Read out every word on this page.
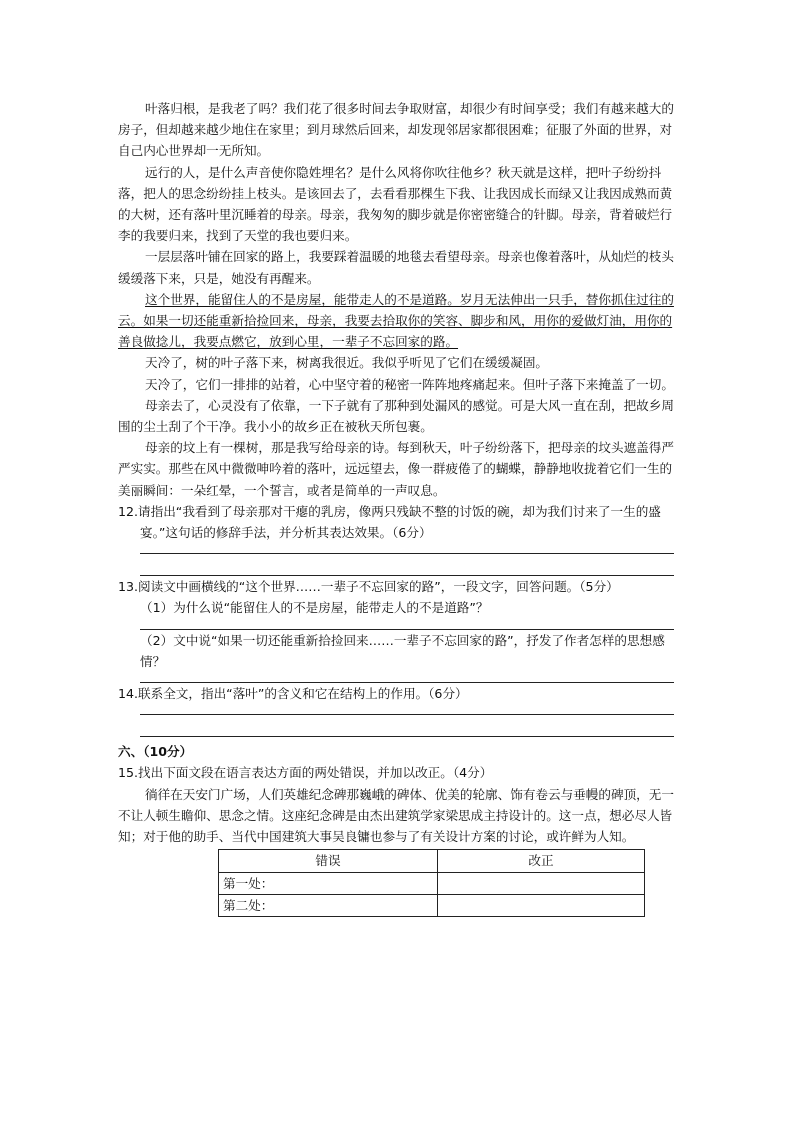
叶落归根，是我老了吗？我们花了很多时间去争取财富，却很少有时间享受；我们有越来越大的房子，但却越来越少地住在家里；到月球然后回来，却发现邻居家都很困难；征服了外面的世界，对自己内心世界却一无所知。

远行的人，是什么声音使你隐姓埋名？是什么风将你吹往他乡？秋天就是这样，把叶子纷纷抖落，把人的思念纷纷挂上枝头。是该回去了，去看看那棵生下我、让我因成长而绿又让我因成熟而黄的大树，还有落叶里沉睡着的母亲。母亲，我匆匆的脚步就是你密密缝合的针脚。母亲，背着破烂行李的我要归来，找到了天堂的我也要归来。

一层层落叶铺在回家的路上，我要踩着温暖的地毯去看望母亲。母亲也像着落叶，从灿烂的枝头缓缓落下来，只是，她没有再醒来。

这个世界，能留住人的不是房屋，能带走人的不是道路。岁月无法伸出一只手，替你抓住过往的云。如果一切还能重新拾捡回来，母亲，我要去拾取你的笑容、脚步和风，用你的爱做灯油，用你的善良做捻儿，我要点燃它，放到心里，一辈子不忘回家的路。

天冷了，树的叶子落下来，树离我很近。我似乎听见了它们在缓缓凝固。

天冷了，它们一排排的站着，心中坚守着的秘密一阵阵地疼痛起来。但叶子落下来掩盖了一切。

母亲去了，心灵没有了依靠，一下子就有了那种到处漏风的感觉。可是大风一直在刮，把故乡周围的尘土刮了个干净。我小小的故乡正在被秋天所包裹。

母亲的坟上有一棵树，那是我写给母亲的诗。每到秋天，叶子纷纷落下，把母亲的坟头遮盖得严严实实。那些在风中微微呻吟着的落叶，远远望去，像一群疲倦了的蝴蝶，静静地收拢着它们一生的美丽瞬间：一朵红晕，一个誓言，或者是简单的一声叹息。

12.请指出“我看到了母亲那对干瘪的乳房，像两只残缺不整的讨饭的碗，却为我们讨来了一生的盛宴。”这句话的修辞手法，并分析其表达效果。（6分）

13.阅读文中画横线的“这个世界……一辈子不忘回家的路”，一段文字，回答问题。（5分）

（1）为什么说“能留住人的不是房屋，能带走人的不是道路”？

（2）文中说“如果一切还能重新拾捡回来……一辈子不忘回家的路”，抒发了作者怎样的思想感情？

14.联系全文，指出“落叶”的含义和它在结构上的作用。（6分）

六、（10分）

15.找出下面文段在语言表达方面的两处错误，并加以改正。（4分）

徜徉在天安门广场，人们英雄纪念碑那巍峨的碑体、优美的轮廓、饰有卷云与垂幔的碑顶，无一不让人顿生瞻仰、思念之情。这座纪念碑是由杰出建筑学家梁思成主持设计的。这一点，想必尽人皆知；对于他的助手、当代中国建筑大事吴良镛也参与了有关设计方案的讨论，或许鲜为人知。

错误	改正
第一处：	
第二处：	
